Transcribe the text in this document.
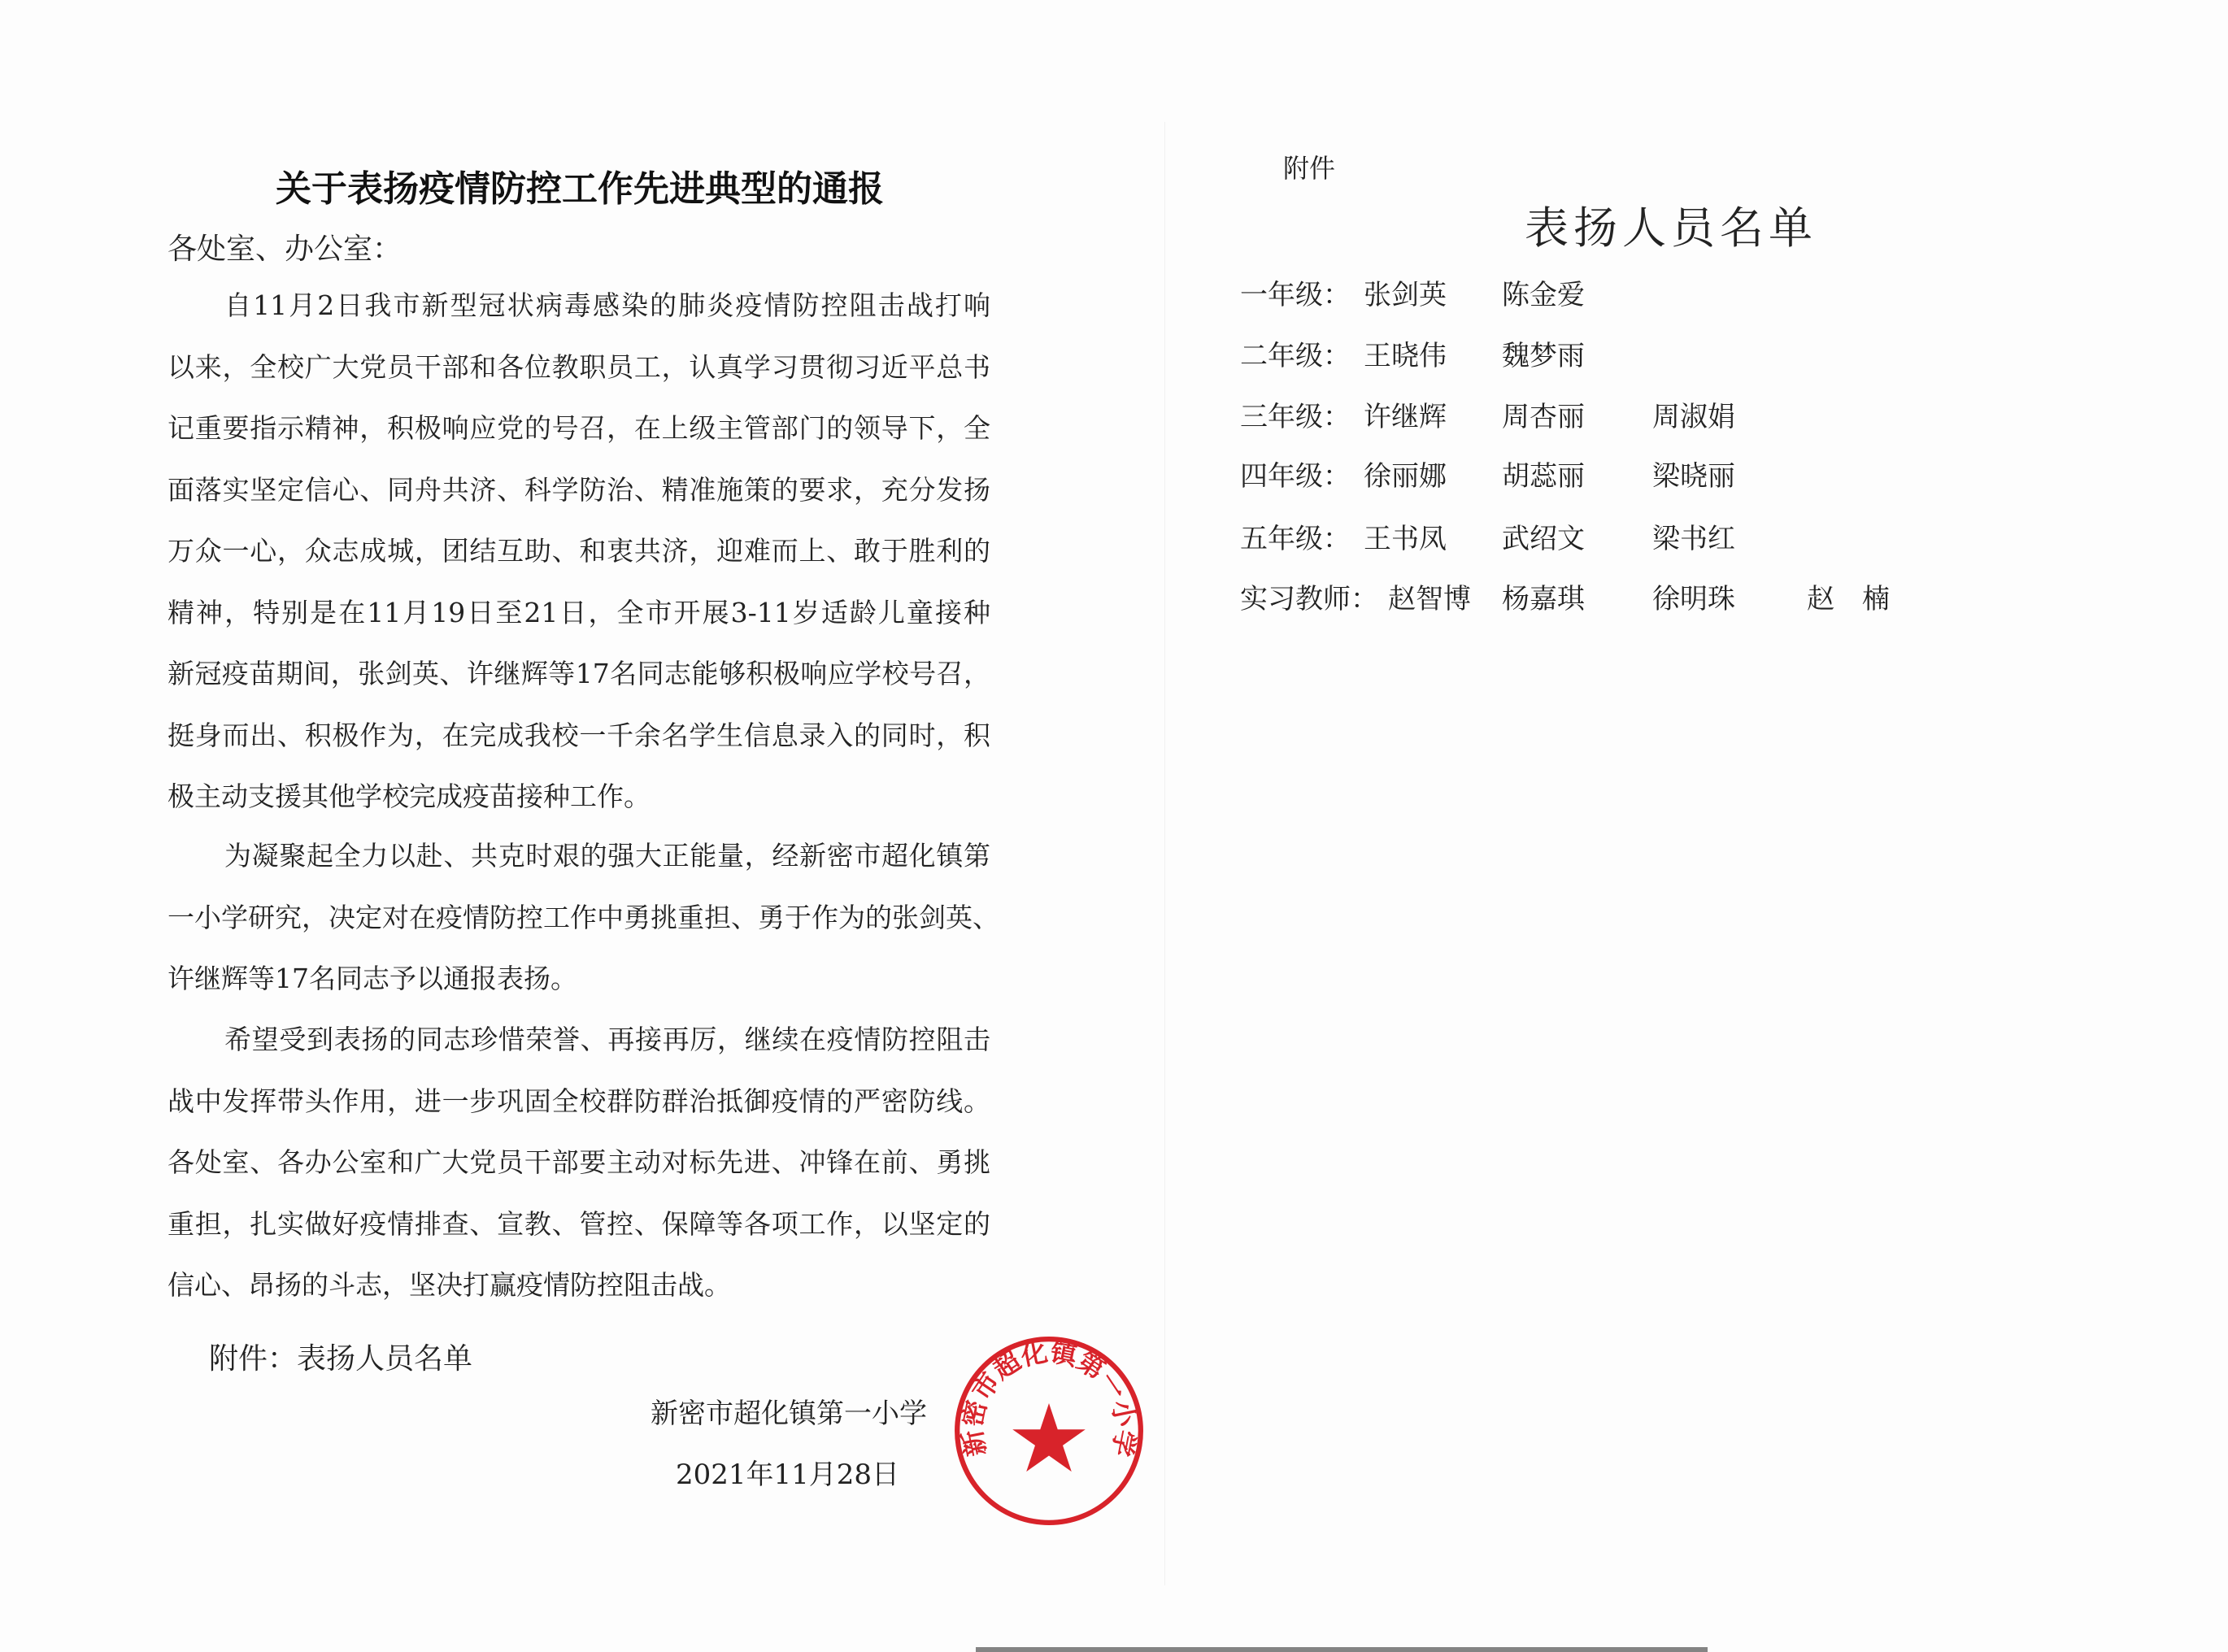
关于表扬疫情防控工作先进典型的通报
各处室、办公室：
自11月2日我市新型冠状病毒感染的肺炎疫情防控阻击战打响
以来，全校广大党员干部和各位教职员工，认真学习贯彻习近平总书
记重要指示精神，积极响应党的号召，在上级主管部门的领导下，全
面落实坚定信心、同舟共济、科学防治、精准施策的要求，充分发扬
万众一心，众志成城，团结互助、和衷共济，迎难而上、敢于胜利的
精神，特别是在11月19日至21日，全市开展3-11岁适龄儿童接种
新冠疫苗期间，张剑英、许继辉等17名同志能够积极响应学校号召，
挺身而出、积极作为，在完成我校一千余名学生信息录入的同时，积
极主动支援其他学校完成疫苗接种工作。
为凝聚起全力以赴、共克时艰的强大正能量，经新密市超化镇第
一小学研究，决定对在疫情防控工作中勇挑重担、勇于作为的张剑英、
许继辉等17名同志予以通报表扬。
希望受到表扬的同志珍惜荣誉、再接再厉，继续在疫情防控阻击
战中发挥带头作用，进一步巩固全校群防群治抵御疫情的严密防线。
各处室、各办公室和广大党员干部要主动对标先进、冲锋在前、勇挑
重担，扎实做好疫情排查、宣教、管控、保障等各项工作，以坚定的
信心、昂扬的斗志，坚决打赢疫情防控阻击战。
附件：表扬人员名单
新密市超化镇第一小学
2021年11月28日
新密市超化镇第一小学
附件
表扬人员名单
一年级： 张剑英 陈金爱
二年级： 王晓伟 魏梦雨
三年级： 许继辉 周杏丽 周淑娟
四年级： 徐丽娜 胡蕊丽 梁晓丽
五年级： 王书凤 武绍文 梁书红
实习教师： 赵智博 杨嘉琪 徐明珠	赵　楠
